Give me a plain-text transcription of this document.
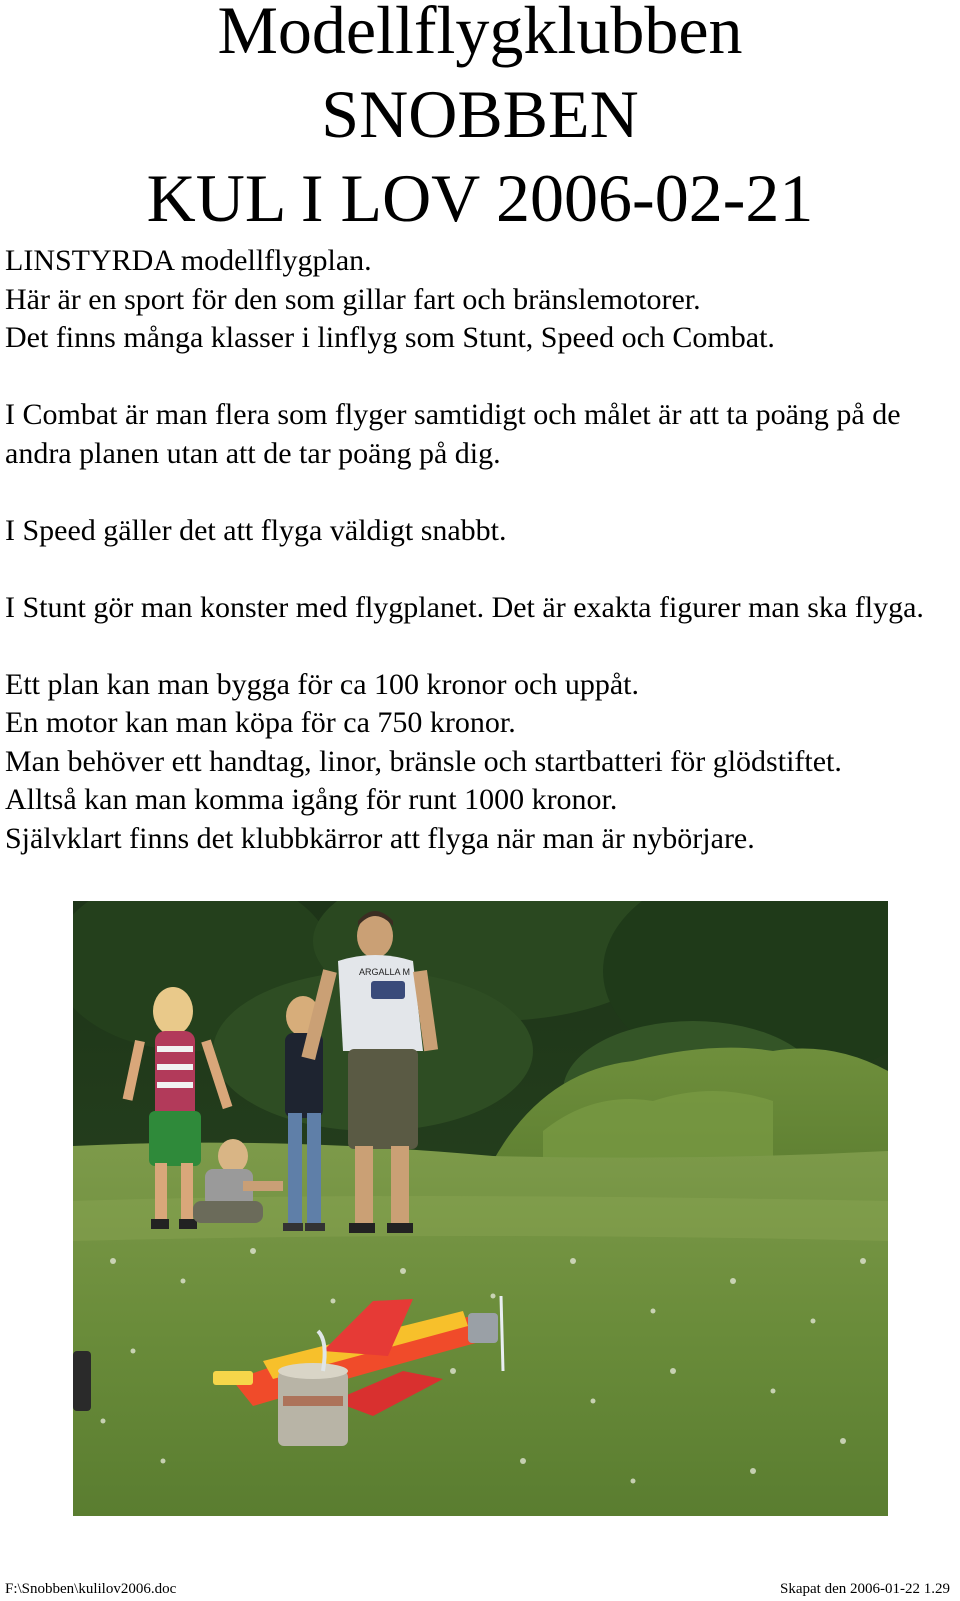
Modellflygklubben
SNOBBEN
KUL I LOV 2006-02-21

LINSTYRDA modellflygplan.

Här är en sport för den som gillar fart och bränslemotorer.

Det finns många klasser i linflyg som Stunt, Speed och Combat.

I Combat är man flera som flyger samtidigt och målet är att ta poäng på de andra planen utan att de tar poäng på dig.

I Speed gäller det att flyga väldigt snabbt.

I Stunt gör man konster med flygplanet. Det är exakta figurer man ska flyga.

Ett plan kan man bygga för ca 100 kronor och uppåt.

En motor kan man köpa för ca 750 kronor.

Man behöver ett handtag, linor, bränsle och startbatteri för glödstiftet.

Alltså kan man komma igång för runt 1000 kronor.

Självklart finns det klubbkärror att flyga när man är nybörjare.

ARGALLA M
F:\Snobben\kulilov2006.doc	Skapat den 2006-01-22 1.29
